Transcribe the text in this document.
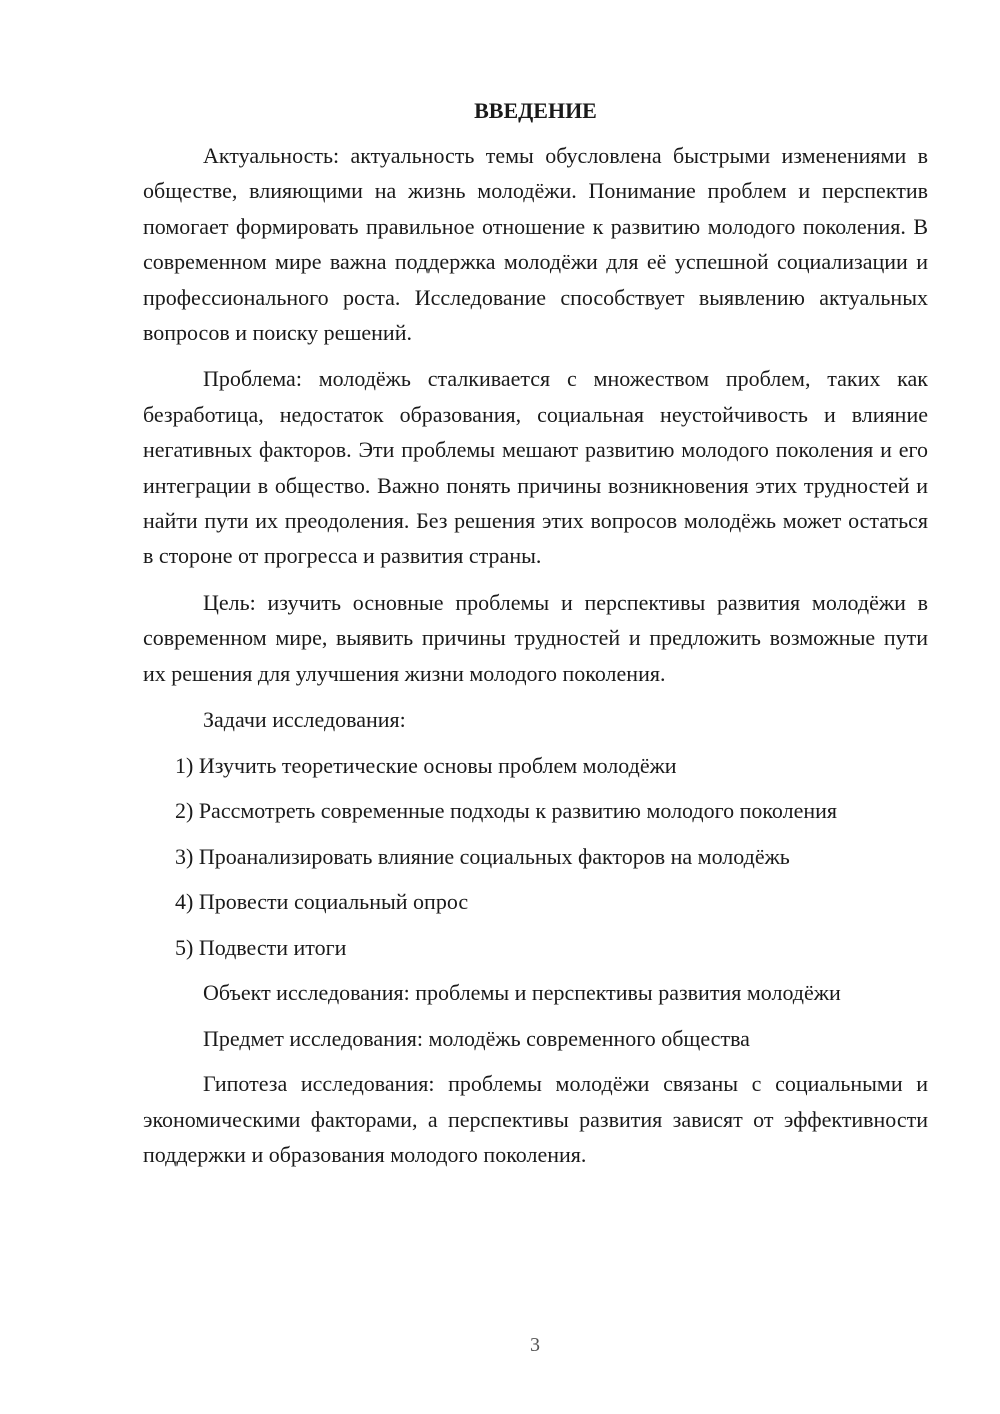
ВВЕДЕНИЕ

Актуальность: актуальность темы обусловлена быстрыми изменениями в обществе, влияющими на жизнь молодёжи. Понимание проблем и перспектив помогает формировать правильное отношение к развитию молодого поколения. В современном мире важна поддержка молодёжи для её успешной социализации и профессионального роста. Исследование способствует выявлению актуальных вопросов и поиску решений.

Проблема: молодёжь сталкивается с множеством проблем, таких как безработица, недостаток образования, социальная неустойчивость и влияние негативных факторов. Эти проблемы мешают развитию молодого поколения и его интеграции в общество. Важно понять причины возникновения этих трудностей и найти пути их преодоления. Без решения этих вопросов молодёжь может остаться в стороне от прогресса и развития страны.

Цель: изучить основные проблемы и перспективы развития молодёжи в современном мире, выявить причины трудностей и предложить возможные пути их решения для улучшения жизни молодого поколения.

Задачи исследования:
1) Изучить теоретические основы проблем молодёжи
2) Рассмотреть современные подходы к развитию молодого поколения
3) Проанализировать влияние социальных факторов на молодёжь
4) Провести социальный опрос
5) Подвести итоги
Объект исследования: проблемы и перспективы развития молодёжи
Предмет исследования: молодёжь современного общества

Гипотеза исследования: проблемы молодёжи связаны с социальными и экономическими факторами, а перспективы развития зависят от эффективности поддержки и образования молодого поколения.

3
